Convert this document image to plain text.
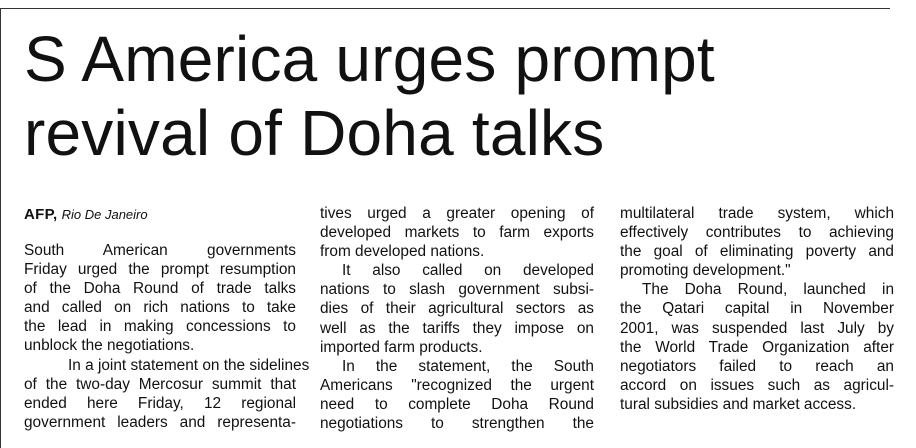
S America urges prompt
revival of Doha talks
AFP, Rio De Janeiro
South American governments
Friday urged the prompt resumption
of the Doha Round of trade talks
and called on rich nations to take
the lead in making concessions to
unblock the negotiations.
In a joint statement on the sidelines
of the two-day Mercosur summit that
ended here Friday, 12 regional
government leaders and representa-
tives urged a greater opening of
developed markets to farm exports
from developed nations.
It also called on developed
nations to slash government subsi-
dies of their agricultural sectors as
well as the tariffs they impose on
imported farm products.
In the statement, the South
Americans "recognized the urgent
need to complete Doha Round
negotiations to strengthen the
multilateral trade system, which
effectively contributes to achieving
the goal of eliminating poverty and
promoting development."
The Doha Round, launched in
the Qatari capital in November
2001, was suspended last July by
the World Trade Organization after
negotiators failed to reach an
accord on issues such as agricul-
tural subsidies and market access.
